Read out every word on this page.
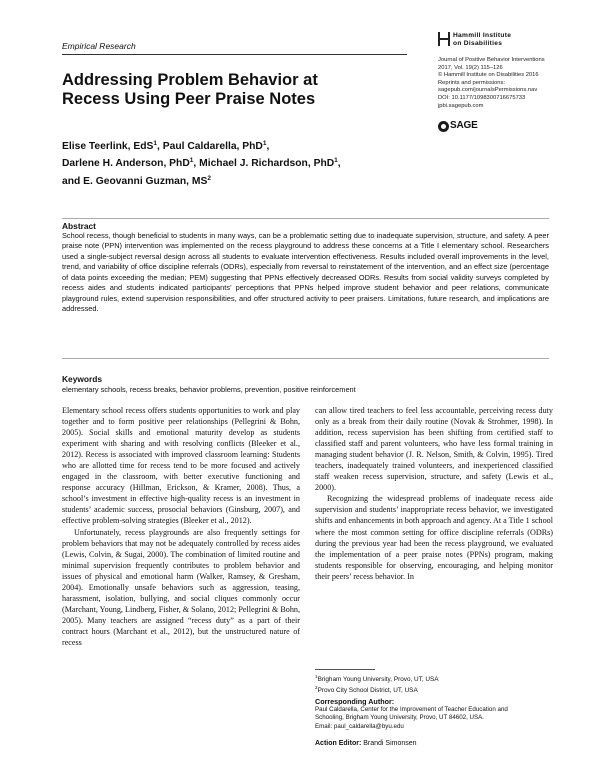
Empirical Research
Addressing Problem Behavior at
Recess Using Peer Praise Notes
Elise Teerlink, EdS$^1$, Paul Caldarella, PhD$^1$,
Darlene H. Anderson, PhD$^1$, Michael J. Richardson, PhD$^1$,
and E. Geovanni Guzman, $MS^2$
Hammill Institute
on Disabilities
Journal of Positive Behavior Interventions
2017, Vol. 19(2) 115–126
© Hammill Institute on Disabilities 2016
Reprints and permissions:
sagepub.com/journalsPermissions.nav
DOI: 10.1177/1098300716675733
jpbi.sagepub.com
SAGE
Abstract

School recess, though beneficial to students in many ways, can be a problematic setting due to inadequate supervision, structure, and safety. A peer praise note (PPN) intervention was implemented on the recess playground to address these concerns at a Title I elementary school. Researchers used a single-subject reversal design across all students to evaluate intervention effectiveness. Results included overall improvements in the level, trend, and variability of office discipline referrals (ODRs), especially from reversal to reinstatement of the intervention, and an effect size (percentage of data points exceeding the median; PEM) suggesting that PPNs effectively decreased ODRs. Results from social validity surveys completed by recess aides and students indicated participants’ perceptions that PPNs helped improve student behavior and peer relations, communicate playground rules, extend supervision responsibilities, and offer structured activity to peer praisers. Limitations, future research, and implications are addressed.

Keywords
elementary schools, recess breaks, behavior problems, prevention, positive reinforcement

Elementary school recess offers students opportunities to work and play together and to form positive peer relationships (Pellegrini & Bohn, 2005). Social skills and emotional maturity develop as students experiment with sharing and with resolving conflicts (Bleeker et al., 2012). Recess is associated with improved classroom learning: Students who are allotted time for recess tend to be more focused and actively engaged in the classroom, with better executive functioning and response accuracy (Hillman, Erickson, & Kramer, 2008). Thus, a school’s investment in effective high-quality recess is an investment in students’ academic success, prosocial behaviors (Ginsburg, 2007), and effective problem-solving strategies (Bleeker et al., 2012).

Unfortunately, recess playgrounds are also frequently settings for problem behaviors that may not be adequately controlled by recess aides (Lewis, Colvin, & Sugai, 2000). The combination of limited routine and minimal supervision frequently contributes to problem behavior and issues of physical and emotional harm (Walker, Ramsey, & Gresham, 2004). Emotionally unsafe behaviors such as aggression, teasing, harassment, isolation, bullying, and social cliques commonly occur (Marchant, Young, Lindberg, Fisher, & Solano, 2012; Pellegrini & Bohn, 2005). Many teachers are assigned “recess duty” as a part of their contract hours (Marchant et al., 2012), but the unstructured nature of recess

can allow tired teachers to feel less accountable, perceiving recess duty only as a break from their daily routine (Novak & Strohmer, 1998). In addition, recess supervision has been shifting from certified staff to classified staff and parent volunteers, who have less formal training in managing student behavior (J. R. Nelson, Smith, & Colvin, 1995). Tired teachers, inadequately trained volunteers, and inexperienced classified staff weaken recess supervision, structure, and safety (Lewis et al., 2000).

Recognizing the widespread problems of inadequate recess aide supervision and students’ inappropriate recess behavior, we investigated shifts and enhancements in both approach and agency. At a Title 1 school where the most common setting for office discipline referrals (ODRs) during the previous year had been the recess playground, we evaluated the implementation of a peer praise notes (PPNs) program, making students responsible for observing, encouraging, and helping monitor their peers’ recess behavior. In

$^1$Brigham Young University, Provo, UT, USA
$^2$Provo City School District, UT, USA
Corresponding Author:
Paul Caldarella, Center for the Improvement of Teacher Education and
Schooling, Brigham Young University, Provo, UT 84602, USA.
Email: paul_caldarella@byu.edu
Action Editor: Brandi Simonsen
